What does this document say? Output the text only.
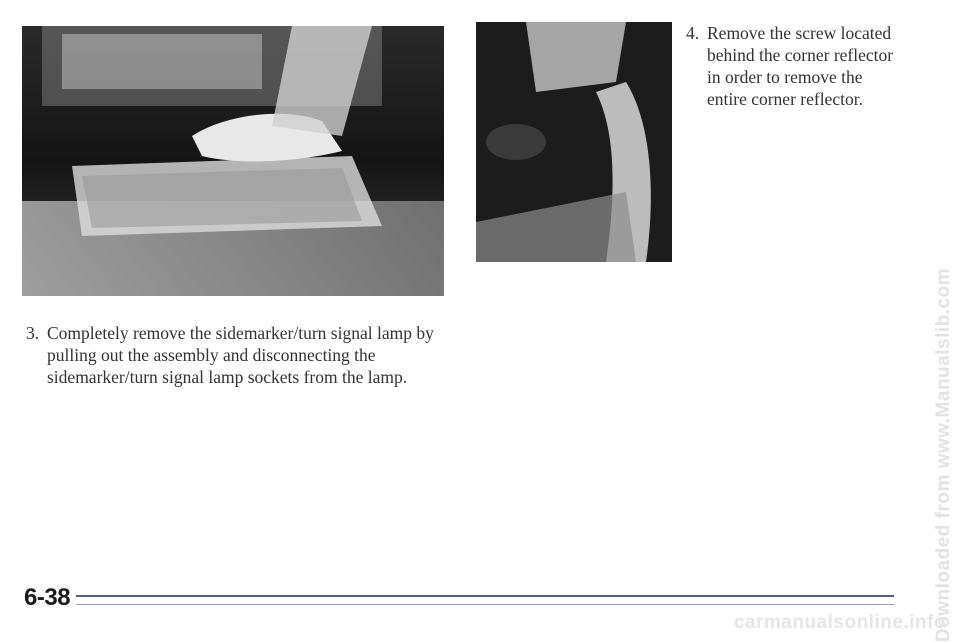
4. Remove the screw located behind the corner reflector in order to remove the entire corner reflector.
3. Completely remove the sidemarker/turn signal lamp by pulling out the assembly and disconnecting the sidemarker/turn signal lamp sockets from the lamp.
6-38	Downloaded from www.Manualslib.com
carmanualsonline.info
